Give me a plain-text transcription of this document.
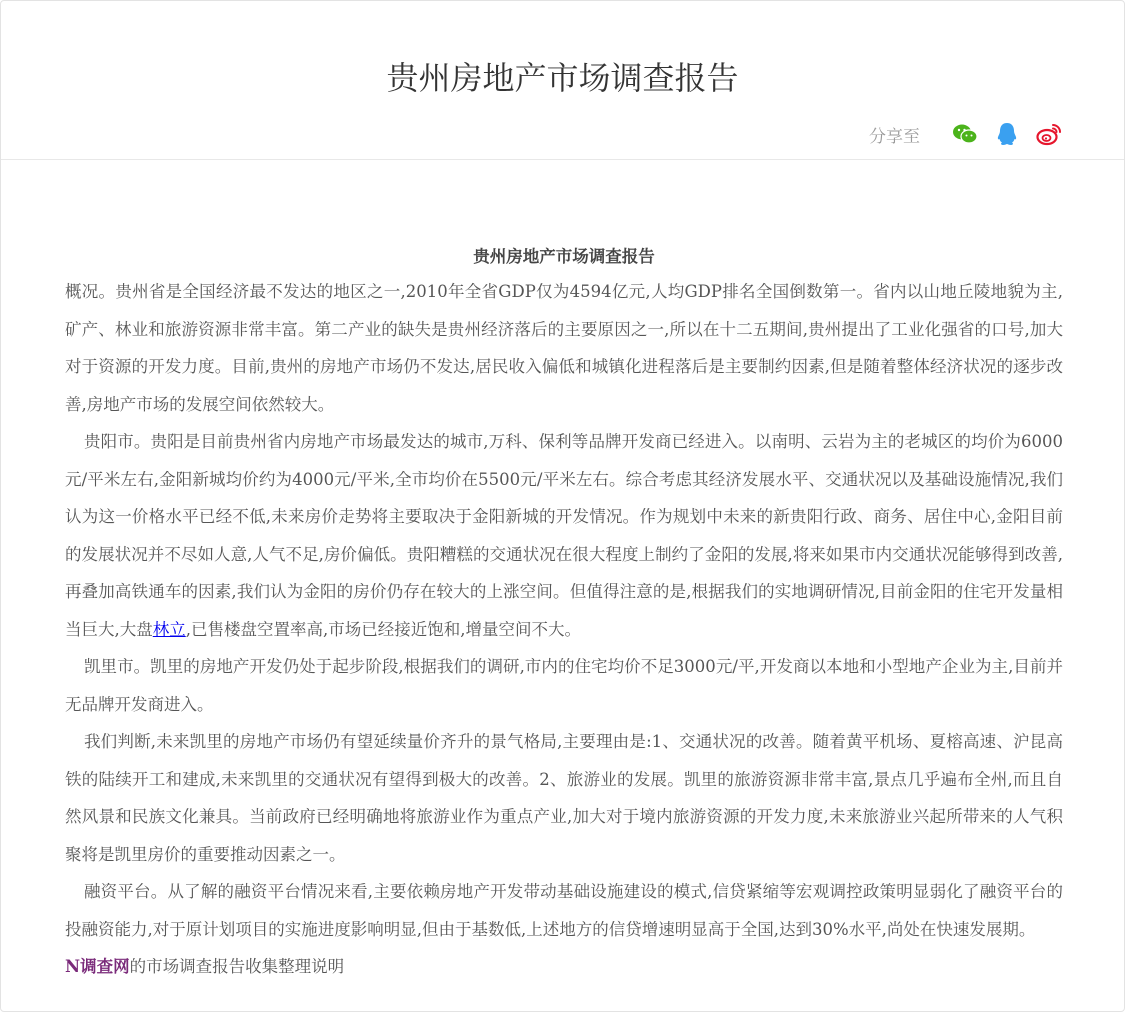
贵州房地产市场调查报告
分享至
贵州房地产市场调查报告

概况。贵州省是全国经济最不发达的地区之一,2010年全省GDP仅为4594亿元,人均GDP排名全国倒数第一。省内以山地丘陵地貌为主,矿产、林业和旅游资源非常丰富。第二产业的缺失是贵州经济落后的主要原因之一,所以在十二五期间,贵州提出了工业化强省的口号,加大对于资源的开发力度。目前,贵州的房地产市场仍不发达,居民收入偏低和城镇化进程落后是主要制约因素,但是随着整体经济状况的逐步改善,房地产市场的发展空间依然较大。

贵阳市。贵阳是目前贵州省内房地产市场最发达的城市,万科、保利等品牌开发商已经进入。以南明、云岩为主的老城区的均价为6000元/平米左右,金阳新城均价约为4000元/平米,全市均价在5500元/平米左右。综合考虑其经济发展水平、交通状况以及基础设施情况,我们认为这一价格水平已经不低,未来房价走势将主要取决于金阳新城的开发情况。作为规划中未来的新贵阳行政、商务、居住中心,金阳目前的发展状况并不尽如人意,人气不足,房价偏低。贵阳糟糕的交通状况在很大程度上制约了金阳的发展,将来如果市内交通状况能够得到改善,再叠加高铁通车的因素,我们认为金阳的房价仍存在较大的上涨空间。但值得注意的是,根据我们的实地调研情况,目前金阳的住宅开发量相当巨大,大盘林立,已售楼盘空置率高,市场已经接近饱和,增量空间不大。

凯里市。凯里的房地产开发仍处于起步阶段,根据我们的调研,市内的住宅均价不足3000元/平,开发商以本地和小型地产企业为主,目前并无品牌开发商进入。

我们判断,未来凯里的房地产市场仍有望延续量价齐升的景气格局,主要理由是:1、交通状况的改善。随着黄平机场、夏榕高速、沪昆高铁的陆续开工和建成,未来凯里的交通状况有望得到极大的改善。2、旅游业的发展。凯里的旅游资源非常丰富,景点几乎遍布全州,而且自然风景和民族文化兼具。当前政府已经明确地将旅游业作为重点产业,加大对于境内旅游资源的开发力度,未来旅游业兴起所带来的人气积聚将是凯里房价的重要推动因素之一。

融资平台。从了解的融资平台情况来看,主要依赖房地产开发带动基础设施建设的模式,信贷紧缩等宏观调控政策明显弱化了融资平台的投融资能力,对于原计划项目的实施进度影响明显,但由于基数低,上述地方的信贷增速明显高于全国,达到30%水平,尚处在快速发展期。

N调查网的市场调查报告收集整理说明
